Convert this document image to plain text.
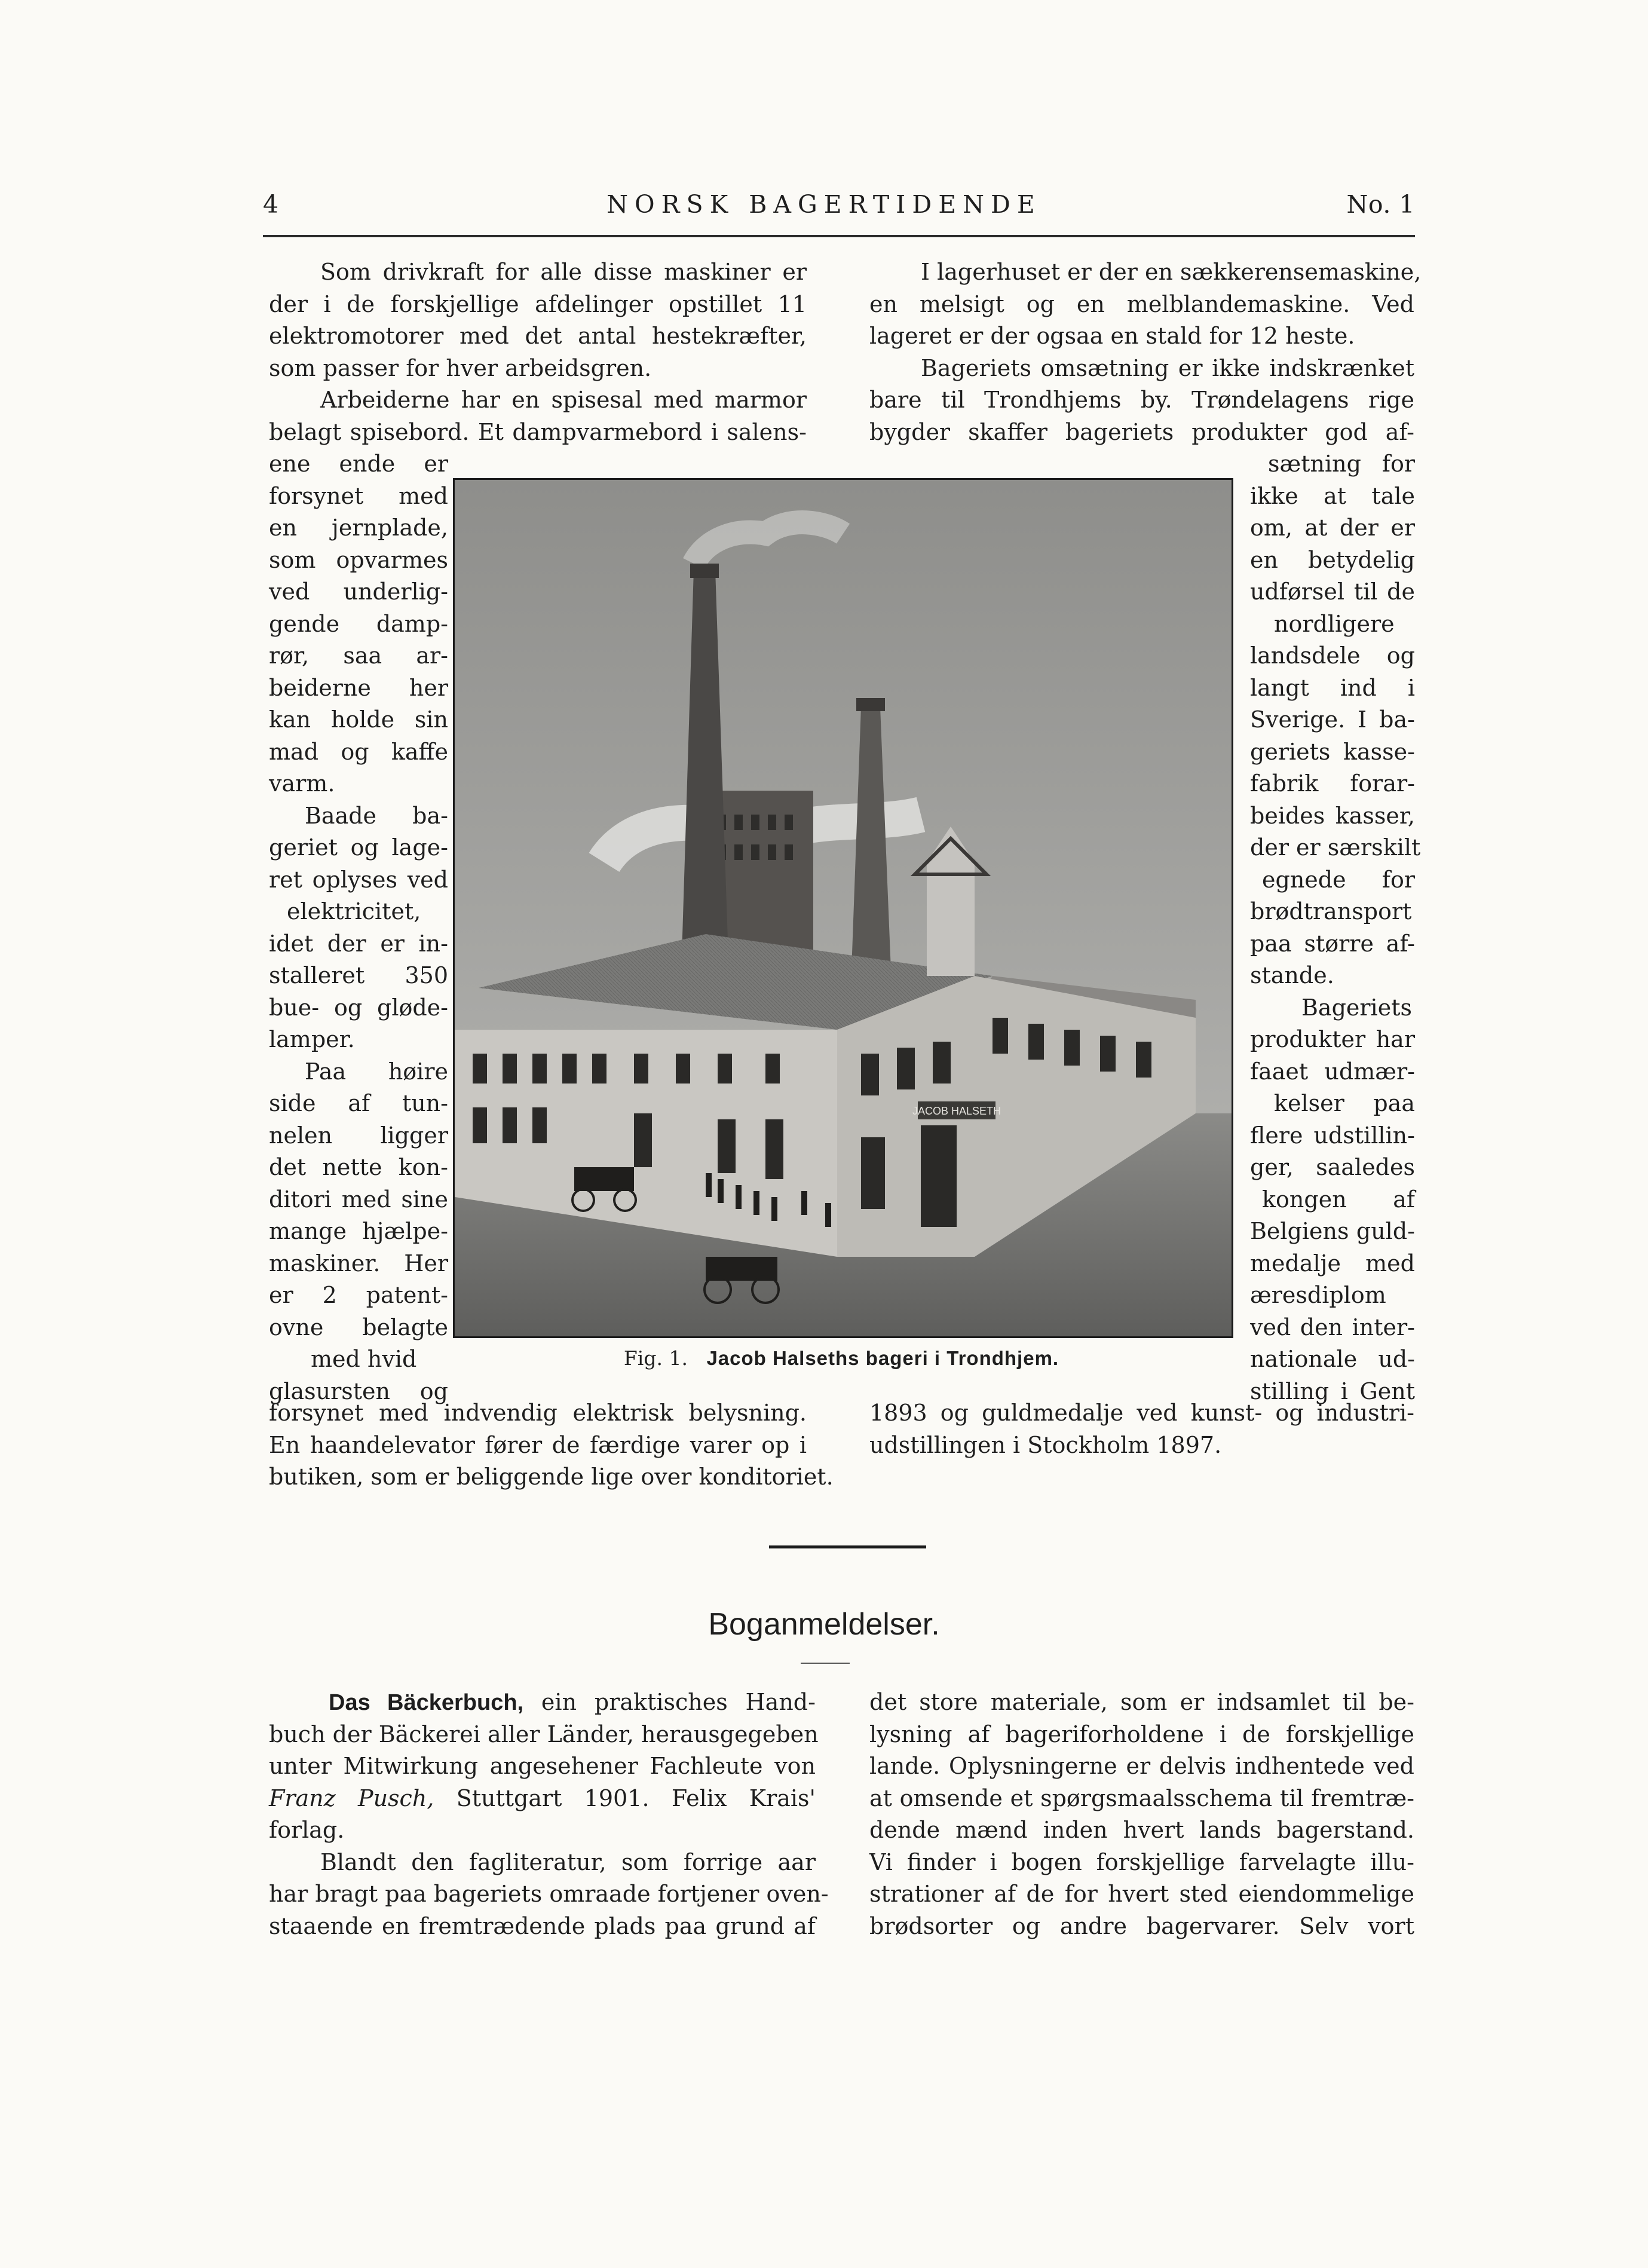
4	NORSK BAGERTIDENDE	No. 1
Som drivkraft for alle disse maskiner er
der i de forskjellige afdelinger opstillet 11
elektromotorer med det antal hestekræfter,
som passer for hver arbeidsgren.
Arbeiderne har en spisesal med marmor
belagt spisebord. Et dampvarmebord i salens-
ene ende er
forsynet med
en jernplade,
som opvarmes
ved underlig-
gende damp-
rør, saa ar-
beiderne her
kan holde sin
mad og kaffe
varm.
Baade ba-
geriet og lage-
ret oplyses ved
elektricitet,
idet der er in-
stalleret 350
bue- og gløde-
lamper.
Paa høire
side af tun-
nelen ligger
det nette kon-
ditori med sine
mange hjælpe-
maskiner. Her
er 2 patent-
ovne belagte
med hvid
glasursten og
I lagerhuset er der en sækkerensemaskine,
en melsigt og en melblandemaskine. Ved
lageret er der ogsaa en stald for 12 heste.
Bageriets omsætning er ikke indskrænket
bare til Trondhjems by. Trøndelagens rige
bygder skaffer bageriets produkter god af-
sætning for
ikke at tale
om, at der er
en betydelig
udførsel til de
nordligere
landsdele og
langt ind i
Sverige. I ba-
geriets kasse-
fabrik forar-
beides kasser,
der er særskilt
egnede for
brødtransport
paa større af-
stande.
Bageriets
produkter har
faaet udmær-
kelser paa
flere udstillin-
ger, saaledes
kongen af
Belgiens guld-
medalje med
æresdiplom
ved den inter-
nationale ud-
stilling i Gent
JACOB HALSETH
Fig. 1. Jacob Halseths bageri i Trondhjem.
forsynet med indvendig elektrisk belysning.
En haandelevator fører de færdige varer op i
butiken, som er beliggende lige over konditoriet.
1893 og guldmedalje ved kunst- og industri-
udstillingen i Stockholm 1897.
Boganmeldelser.
Das Bäckerbuch, ein praktisches Hand-
buch der Bäckerei aller Länder, herausgegeben
unter Mitwirkung angesehener Fachleute von
Franz Pusch, Stuttgart 1901. Felix Krais'
forlag.
Blandt den fagliteratur, som forrige aar
har bragt paa bageriets omraade fortjener oven-
staaende en fremtrædende plads paa grund af
det store materiale, som er indsamlet til be-
lysning af bageriforholdene i de forskjellige
lande. Oplysningerne er delvis indhentede ved
at omsende et spørgsmaalsschema til fremtræ-
dende mænd inden hvert lands bagerstand.
Vi finder i bogen forskjellige farvelagte illu-
strationer af de for hvert sted eiendommelige
brødsorter og andre bagervarer. Selv vort
